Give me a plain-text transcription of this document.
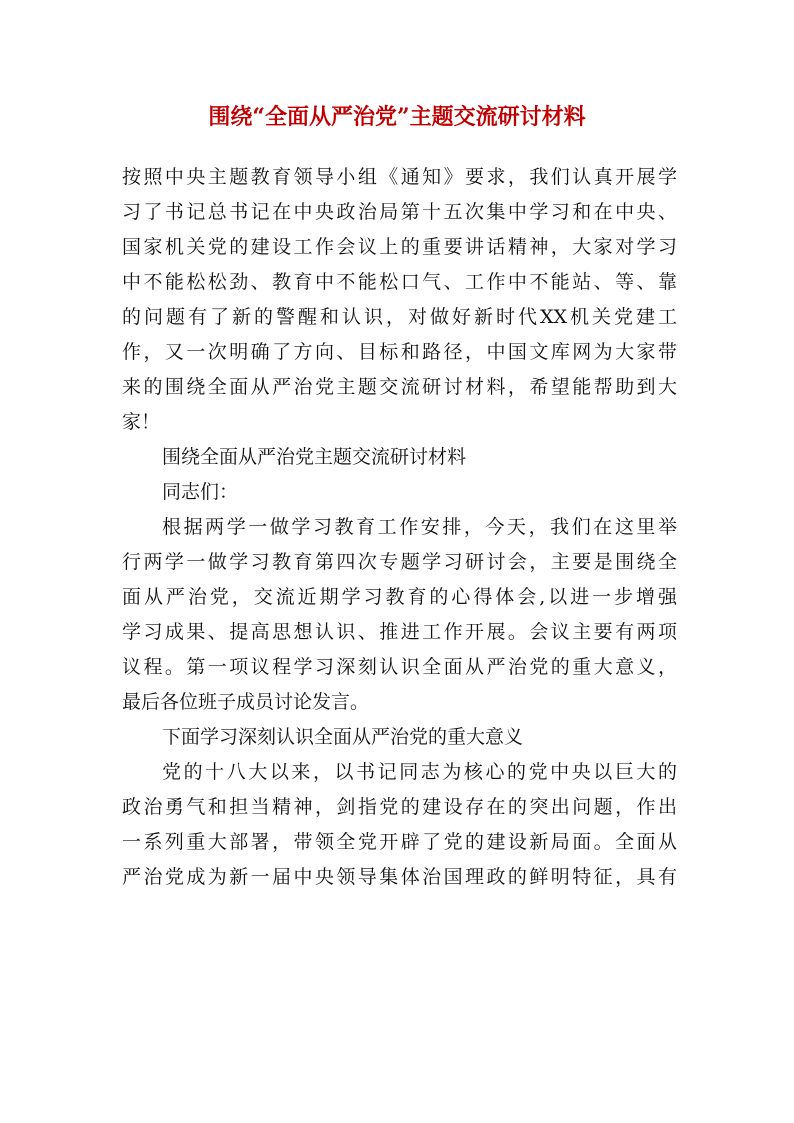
围绕“全面从严治党”主题交流研讨材料
按照中央主题教育领导小组《通知》要求，我们认真开展学
习了书记总书记在中央政治局第十五次集中学习和在中央、
国家机关党的建设工作会议上的重要讲话精神，大家对学习
中不能松松劲、教育中不能松口气、工作中不能站、等、靠
的问题有了新的警醒和认识，对做好新时代XX机关党建工
作，又一次明确了方向、目标和路径，中国文库网为大家带
来的围绕全面从严治党主题交流研讨材料，希望能帮助到大
家！
围绕全面从严治党主题交流研讨材料
同志们：
根据两学一做学习教育工作安排，今天，我们在这里举
行两学一做学习教育第四次专题学习研讨会，主要是围绕全
面从严治党，交流近期学习教育的心得体会,以进一步增强
学习成果、提高思想认识、推进工作开展。会议主要有两项
议程。第一项议程学习深刻认识全面从严治党的重大意义，
最后各位班子成员讨论发言。
下面学习深刻认识全面从严治党的重大意义
党的十八大以来，以书记同志为核心的党中央以巨大的
政治勇气和担当精神，剑指党的建设存在的突出问题，作出
一系列重大部署，带领全党开辟了党的建设新局面。全面从
严治党成为新一届中央领导集体治国理政的鲜明特征，具有
